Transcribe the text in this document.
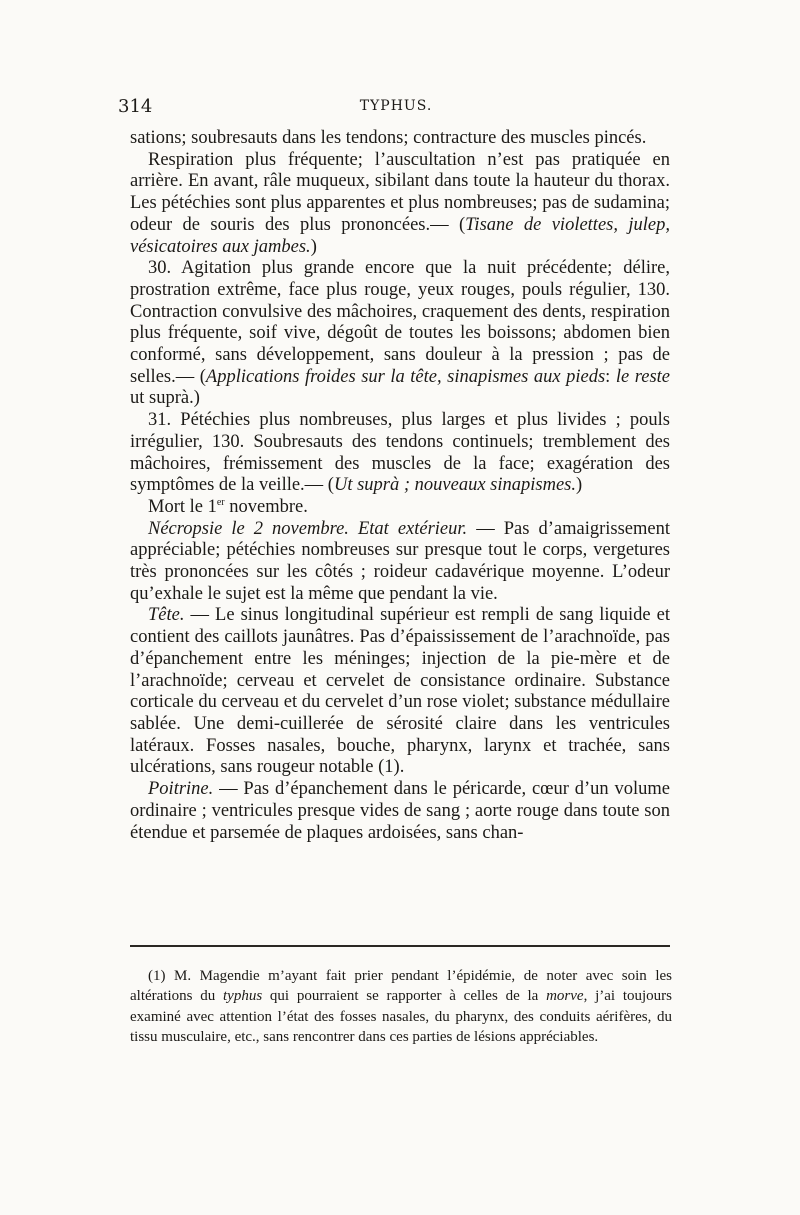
314	TYPHUS.

sations; soubresauts dans les tendons; contracture des muscles pincés.

Respiration plus fréquente; l’auscultation n’est pas pratiquée en arrière. En avant, râle muqueux, sibilant dans toute la hauteur du thorax. Les pétéchies sont plus apparentes et plus nombreuses; pas de sudamina; odeur de souris des plus prononcées.— (Tisane de violettes, julep, vésicatoires aux jambes.)

30. Agitation plus grande encore que la nuit précédente; délire, prostration extrême, face plus rouge, yeux rouges, pouls régulier, 130. Contraction convulsive des mâchoires, craquement des dents, respiration plus fréquente, soif vive, dégoût de toutes les boissons; abdomen bien conformé, sans développement, sans douleur à la pression ; pas de selles.— (Applications froides sur la tête, sinapismes aux pieds: le reste ut suprà.)

31. Pétéchies plus nombreuses, plus larges et plus livides ; pouls irrégulier, 130. Soubresauts des tendons continuels; tremblement des mâchoires, frémissement des muscles de la face; exagération des symptômes de la veille.— (Ut suprà ; nouveaux sinapismes.)

Mort le 1er novembre.

Nécropsie le 2 novembre. Etat extérieur. — Pas d’amaigrissement appréciable; pétéchies nombreuses sur presque tout le corps, vergetures très prononcées sur les côtés ; roideur cadavérique moyenne. L’odeur qu’exhale le sujet est la même que pendant la vie.

Tête. — Le sinus longitudinal supérieur est rempli de sang liquide et contient des caillots jaunâtres. Pas d’épaississement de l’arachnoïde, pas d’épanchement entre les méninges; injection de la pie-mère et de l’arachnoïde; cerveau et cervelet de consistance ordinaire. Substance corticale du cerveau et du cervelet d’un rose violet; substance médullaire sablée. Une demi-cuillerée de sérosité claire dans les ventricules latéraux. Fosses nasales, bouche, pharynx, larynx et trachée, sans ulcérations, sans rougeur notable (1).

Poitrine. — Pas d’épanchement dans le péricarde, cœur d’un volume ordinaire ; ventricules presque vides de sang ; aorte rouge dans toute son étendue et parsemée de plaques ardoisées, sans chan-

(1) M. Magendie m’ayant fait prier pendant l’épidémie, de noter avec soin les altérations du typhus qui pourraient se rapporter à celles de la morve, j’ai toujours examiné avec attention l’état des fosses nasales, du pharynx, des conduits aérifères, du tissu musculaire, etc., sans rencontrer dans ces parties de lésions appréciables.
